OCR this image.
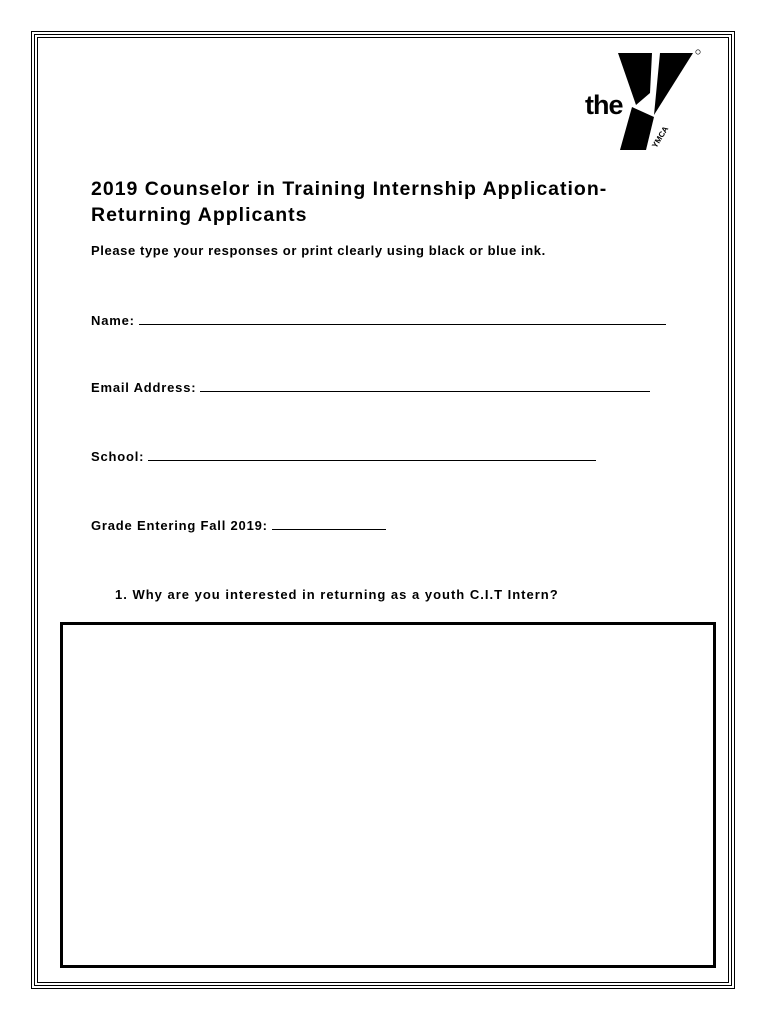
the
YMCA
2019 Counselor in Training Internship Application- Returning Applicants
Please type your responses or print clearly using black or blue ink.
Name:
Email Address:
School:
Grade Entering Fall 2019:
1. Why are you interested in returning as a youth C.I.T Intern?
